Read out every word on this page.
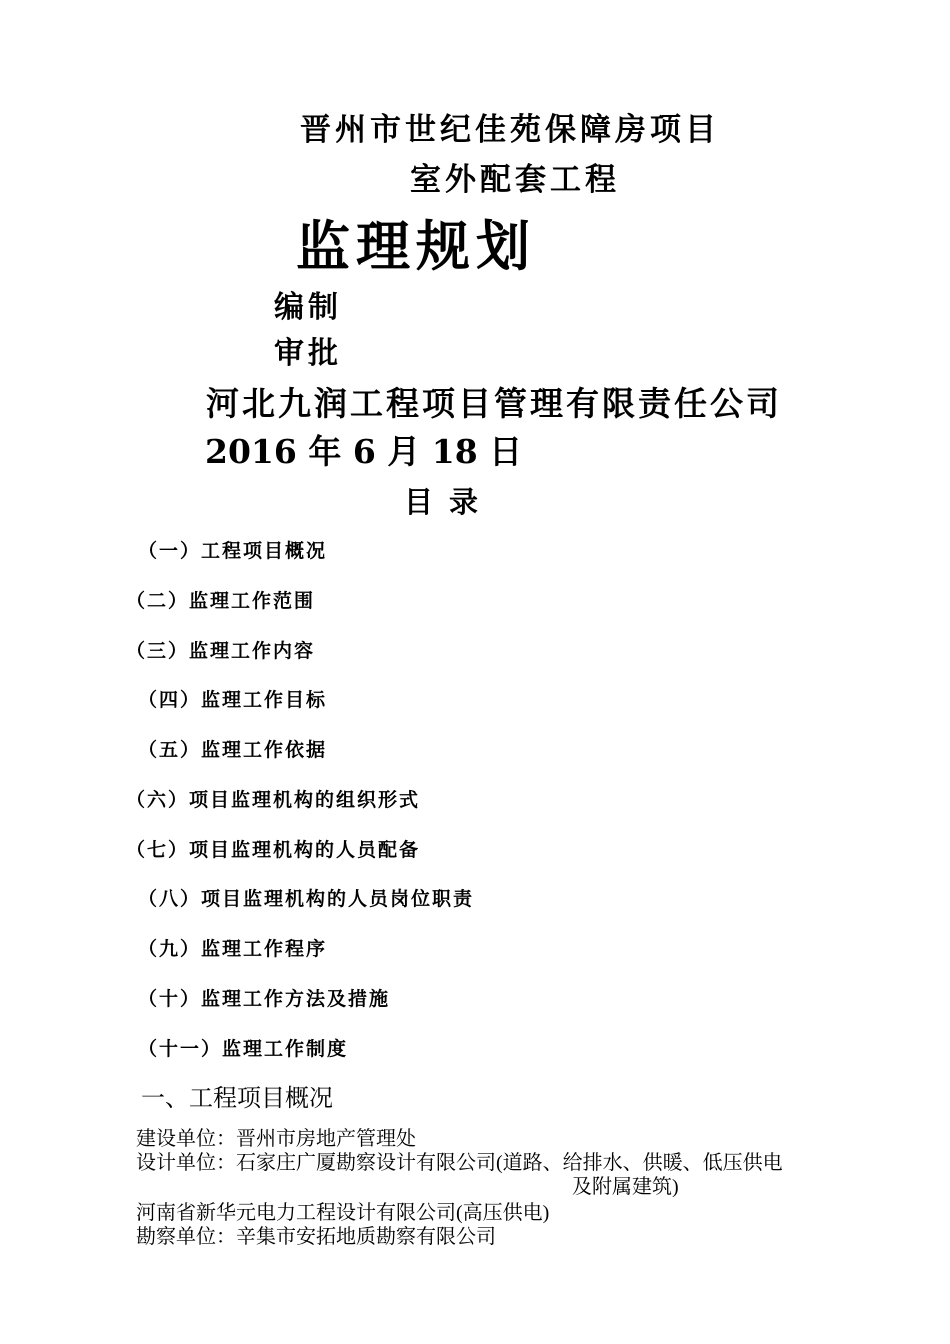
晋州市世纪佳苑保障房项目
室外配套工程
监理规划
编制
审批
河北九润工程项目管理有限责任公司
2016 年 6 月 18 日
目录
（一）工程项目概况
（二）监理工作范围
（三）监理工作内容
（四）监理工作目标
（五）监理工作依据
（六）项目监理机构的组织形式
（七）项目监理机构的人员配备
（八）项目监理机构的人员岗位职责
（九）监理工作程序
（十）监理工作方法及措施
（十一）监理工作制度
一、工程项目概况
建设单位：晋州市房地产管理处
设计单位：石家庄广厦勘察设计有限公司(道路、给排水、供暖、低压供电
及附属建筑)
河南省新华元电力工程设计有限公司(高压供电)
勘察单位：辛集市安拓地质勘察有限公司
